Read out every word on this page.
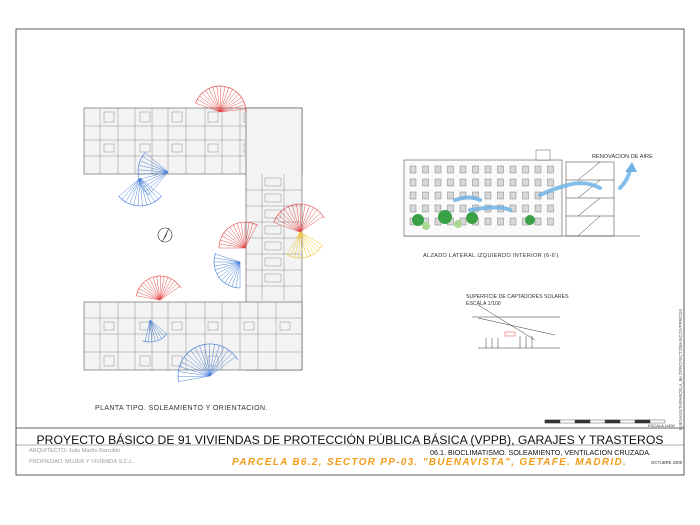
PLANTA TIPO. SOLEAMIENTO Y ORIENTACION.
ALZADO LATERAL IZQUIERDO INTERIOR (6-6')
RENOVACION DE AIRE
SUPERFICIE DE CAPTADORES SOLARES
ESCALA 1/100
PROYECTO BÁSICO DE 91 VIVIENDAS DE PROTECCIÓN PÚBLICA BÁSICA (VPPB), GARAJES Y TRASTEROS
ARQUITECTO: Julio Martín Barrubio
PROPIEDAD: MUJER Y VIVIENDA S.C.L.
06.1. BIOCLIMATISMO. SOLEAMIENTO, VENTILACION CRUZADA.
PARCELA B6.2, SECTOR PP-03. "BUENAVISTA", GETAFE. MADRID.	OCTUBRE 2008
ESCALA 1/400 BUENAVISTA\PARCELA_B6.2\PROYECTO\BASICO\VPPB\CDS
